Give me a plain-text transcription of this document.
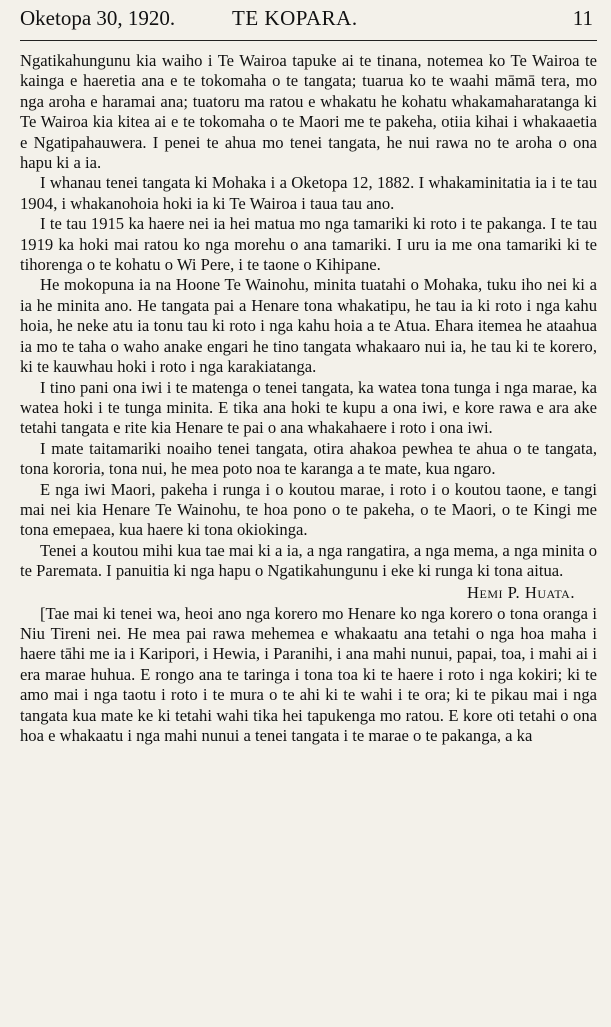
Oketopa 30, 1920.	TE KOPARA.	11

Ngatikahungunu kia waiho i Te Wairoa tapuke ai te tinana, notemea ko Te Wairoa te kainga e haeretia ana e te tokomaha o te tangata; tuarua ko te waahi māmā tera, mo nga aroha e haramai ana; tuatoru ma ratou e whakatu he kohatu whakamaharatanga ki Te Wairoa kia kitea ai e te tokomaha o te Maori me te pakeha, otiia kihai i whakaaetia e Ngatipahauwera. I penei te ahua mo tenei tangata, he nui rawa no te aroha o ona hapu ki a ia.

I whanau tenei tangata ki Mohaka i a Oketopa 12, 1882. I whakaminitatia ia i te tau 1904, i whakanohoia hoki ia ki Te Wairoa i taua tau ano.

I te tau 1915 ka haere nei ia hei matua mo nga tamariki ki roto i te pakanga. I te tau 1919 ka hoki mai ratou ko nga morehu o ana tamariki. I uru ia me ona tamariki ki te tihorenga o te kohatu o Wi Pere, i te taone o Kihipane.

He mokopuna ia na Hoone Te Wainohu, minita tuatahi o Mohaka, tuku iho nei ki a ia he minita ano. He tangata pai a Henare tona whakatipu, he tau ia ki roto i nga kahu hoia, he neke atu ia tonu tau ki roto i nga kahu hoia a te Atua. Ehara itemea he ataahua ia mo te taha o waho anake engari he tino tangata whakaaro nui ia, he tau ki te korero, ki te kauwhau hoki i roto i nga karakiatanga.

I tino pani ona iwi i te matenga o tenei tangata, ka watea tona tunga i nga marae, ka watea hoki i te tunga minita. E tika ana hoki te kupu a ona iwi, e kore rawa e ara ake tetahi tangata e rite kia Henare te pai o ana whakahaere i roto i ona iwi.

I mate taitamariki noaiho tenei tangata, otira ahakoa pewhea te ahua o te tangata, tona kororia, tona nui, he mea poto noa te karanga a te mate, kua ngaro.

E nga iwi Maori, pakeha i runga i o koutou marae, i roto i o koutou taone, e tangi mai nei kia Henare Te Wainohu, te hoa pono o te pakeha, o te Maori, o te Kingi me tona emepaea, kua haere ki tona okiokinga.

Tenei a koutou mihi kua tae mai ki a ia, a nga rangatira, a nga mema, a nga minita o te Paremata. I panuitia ki nga hapu o Ngatikahungunu i eke ki runga ki tona aitua.

Hemi P. Huata.

[Tae mai ki tenei wa, heoi ano nga korero mo Henare ko nga korero o tona oranga i Niu Tireni nei. He mea pai rawa mehemea e whakaatu ana tetahi o nga hoa maha i haere tāhi me ia i Karipori, i Hewia, i Paranihi, i ana mahi nunui, papai, toa, i mahi ai i era marae huhua. E rongo ana te taringa i tona toa ki te haere i roto i nga kokiri; ki te amo mai i nga taotu i roto i te mura o te ahi ki te wahi i te ora; ki te pikau mai i nga tangata kua mate ke ki tetahi wahi tika hei tapukenga mo ratou. E kore oti tetahi o ona hoa e whakaatu i nga mahi nunui a tenei tangata i te marae o te pakanga, a ka
